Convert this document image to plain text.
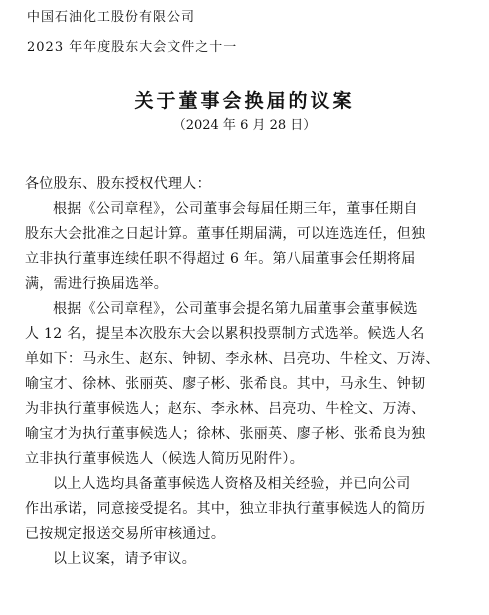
中国石油化工股份有限公司
2023 年年度股东大会文件之十一
关于董事会换届的议案
（2024 年 6 月 28 日）
各位股东、股东授权代理人：
根据《公司章程》，公司董事会每届任期三年，董事任期自
股东大会批准之日起计算。董事任期届满，可以连选连任，但独
立非执行董事连续任职不得超过 6 年。第八届董事会任期将届
满，需进行换届选举。
根据《公司章程》，公司董事会提名第九届董事会董事候选
人 12 名，提呈本次股东大会以累积投票制方式选举。候选人名
单如下：马永生、赵东、钟韧、李永林、吕亮功、牛栓文、万涛、
喻宝才、徐林、张丽英、廖子彬、张希良。其中，马永生、钟韧
为非执行董事候选人；赵东、李永林、吕亮功、牛栓文、万涛、
喻宝才为执行董事候选人；徐林、张丽英、廖子彬、张希良为独
立非执行董事候选人（候选人简历见附件）。
以上人选均具备董事候选人资格及相关经验，并已向公司
作出承诺，同意接受提名。其中，独立非执行董事候选人的简历
已按规定报送交易所审核通过。
以上议案，请予审议。
